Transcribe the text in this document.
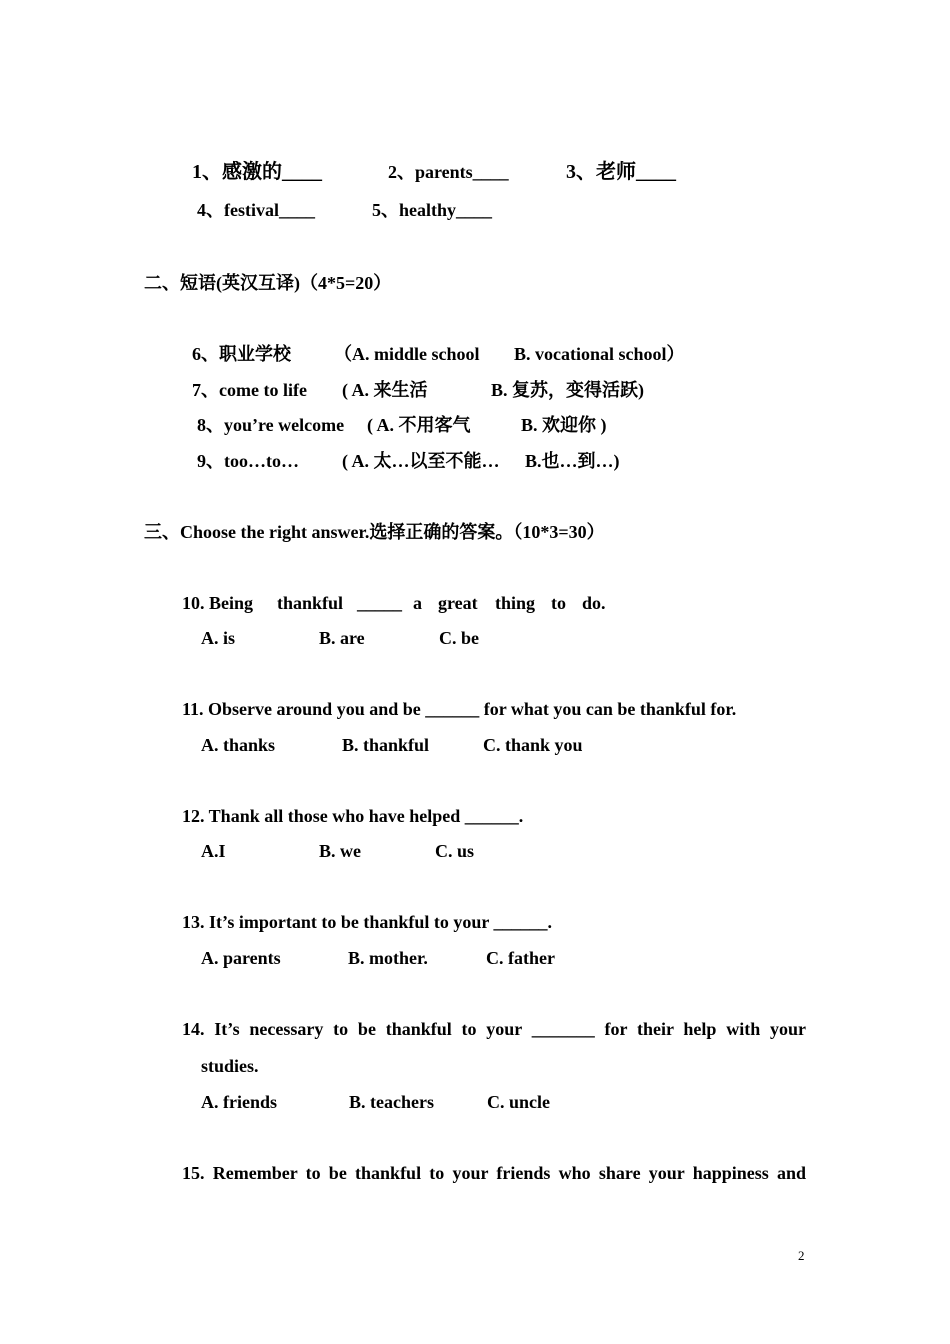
1、感激的____	2、parents____	3、老师____
4、festival____	5、healthy____
二、短语(英汉互译)（4*5=20）
6、职业学校 （A. middle school B. vocational school）
7、come to life ( A. 来生活	B. 复苏，变得活跃)
8、you’re welcome ( A. 不用客气	B. 欢迎你 )
9、too…to… ( A. 太…以至不能… B.也…到…)
三、Choose the right answer.选择正确的答案。（10*3=30）
10. Being thankful _____ a great thing to do.
A. is	B. are	C. be
11. Observe around you and be ______ for what you can be thankful for.
A. thanks	B. thankful	C. thank you
12. Thank all those who have helped ______.
A.I	B. we	C. us
13. It’s important to be thankful to your ______.
A. parents	B. mother.	C. father
14. It’s necessary to be thankful to your _______ for their help with your
studies.
A. friends	B. teachers	C. uncle
15. Remember to be thankful to your friends who share your happiness and
2
